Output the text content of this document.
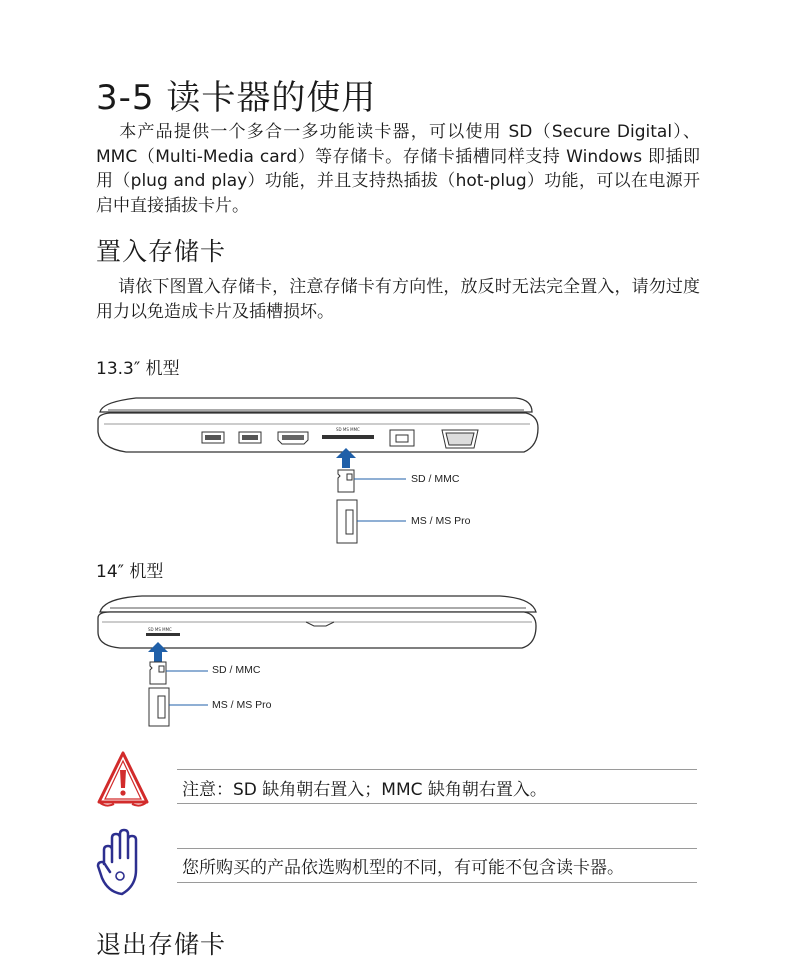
3-5 读卡器的使用
本产品提供一个多合一多功能读卡器，可以使用 SD（Secure Digital）、MMC（Multi-Media card）等存储卡。存储卡插槽同样支持 Windows 即插即用（plug and play）功能，并且支持热插拔（hot-plug）功能，可以在电源开启中直接插拔卡片。
置入存储卡
请依下图置入存储卡，注意存储卡有方向性，放反时无法完全置入，请勿过度用力以免造成卡片及插槽损坏。
13.3″ 机型
SD MS MMC
SD / MMC
MS / MS Pro
14″ 机型
SD MS MMC
SD / MMC
MS / MS Pro
注意：SD 缺角朝右置入；MMC 缺角朝右置入。
您所购买的产品依选购机型的不同，有可能不包含读卡器。
退出存储卡
